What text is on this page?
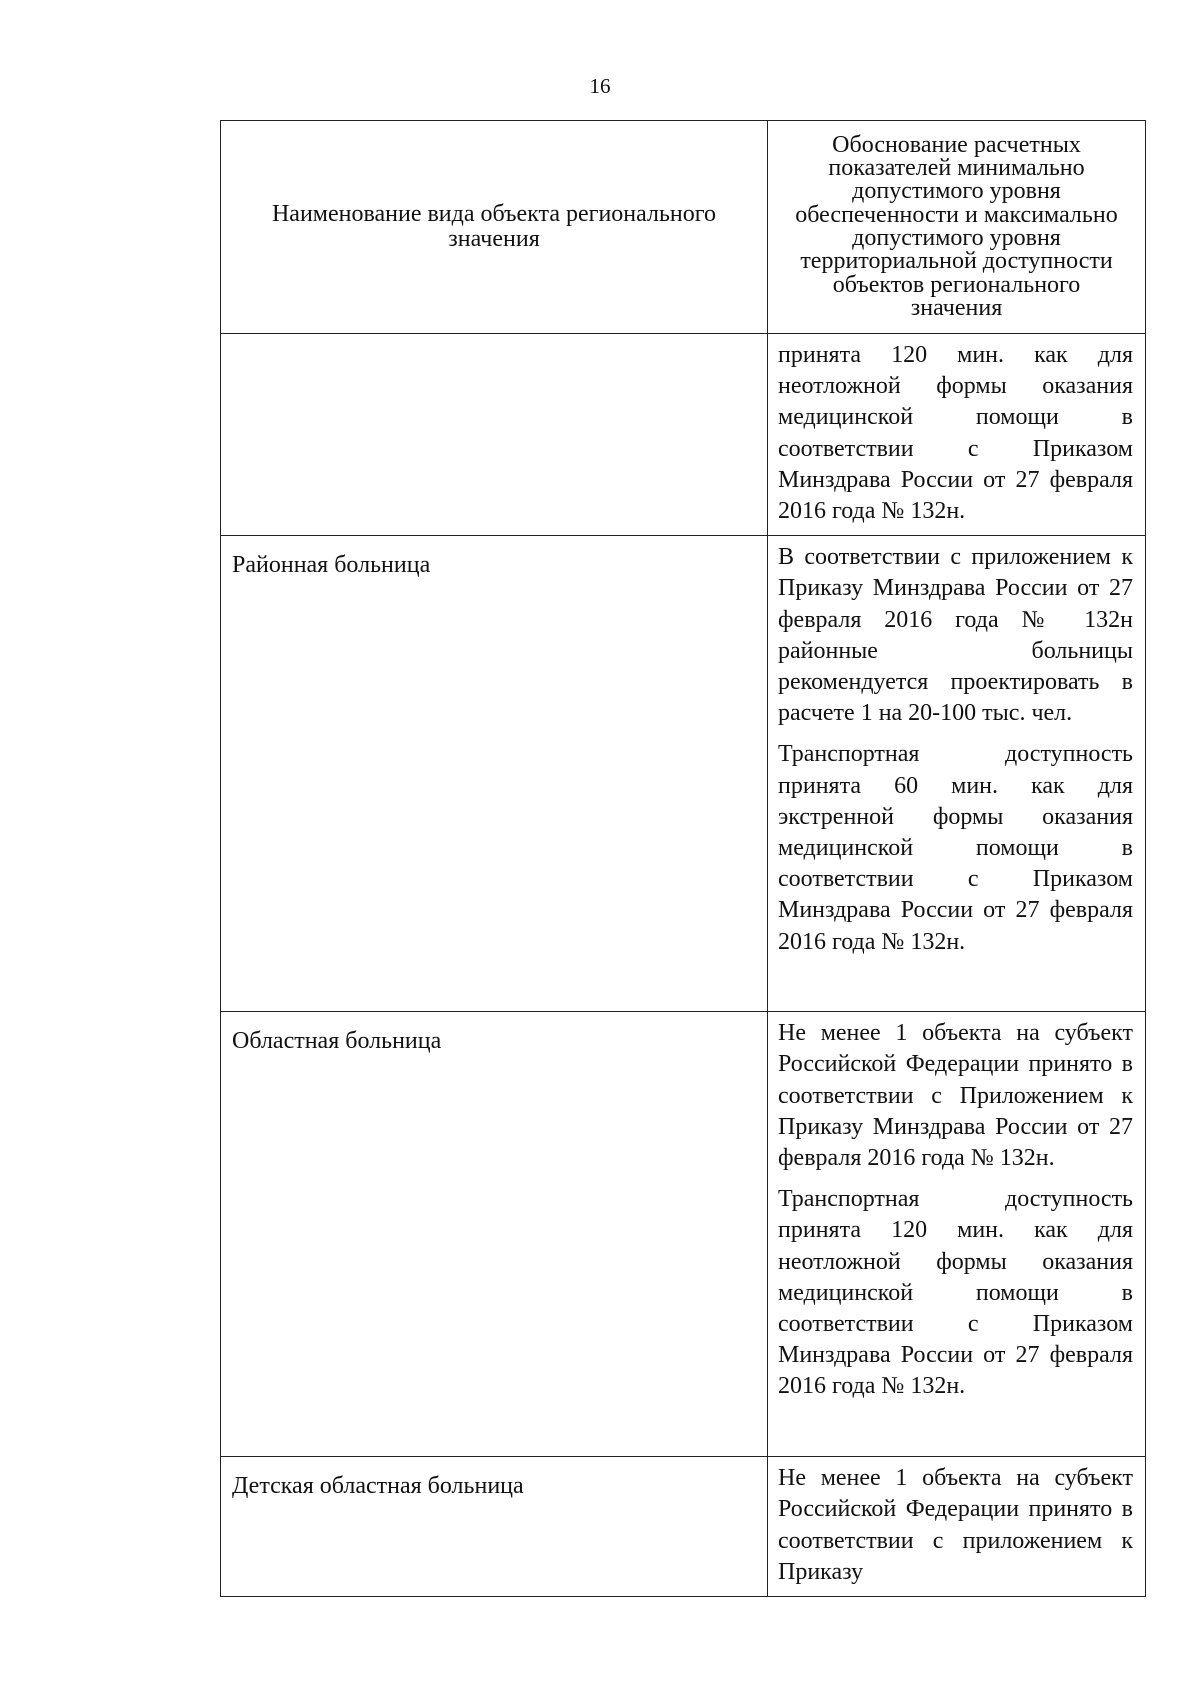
16
Наименование вида объекта регионального значения	Обоснование расчетных показателей минимально допустимого уровня обеспеченности и максимально допустимого уровня территориальной доступности объектов регионального значения

	принята 120 мин. как для неотложной формы оказания медицинской помощи в соответствии с Приказом Минздрава России от 27 февраля 2016 года № 132н.

Районная больница	В соответствии с приложением к Приказу Минздрава России от 27 февраля 2016 года № 132н районные больницы рекомендуется проектировать в расчете 1 на 20-100 тыс. чел.

Транспортная доступность принята 60 мин. как для экстренной формы оказания медицинской помощи в соответствии с Приказом Минздрава России от 27 февраля 2016 года № 132н.

Областная больница	Не менее 1 объекта на субъект Российской Федерации принято в соответствии с Приложением к Приказу Минздрава России от 27 февраля 2016 года № 132н.

Транспортная доступность принята 120 мин. как для неотложной формы оказания медицинской помощи в соответствии с Приказом Минздрава России от 27 февраля 2016 года № 132н.

Детская областная больница	Не менее 1 объекта на субъект Российской Федерации принято в соответствии с приложением к Приказу
